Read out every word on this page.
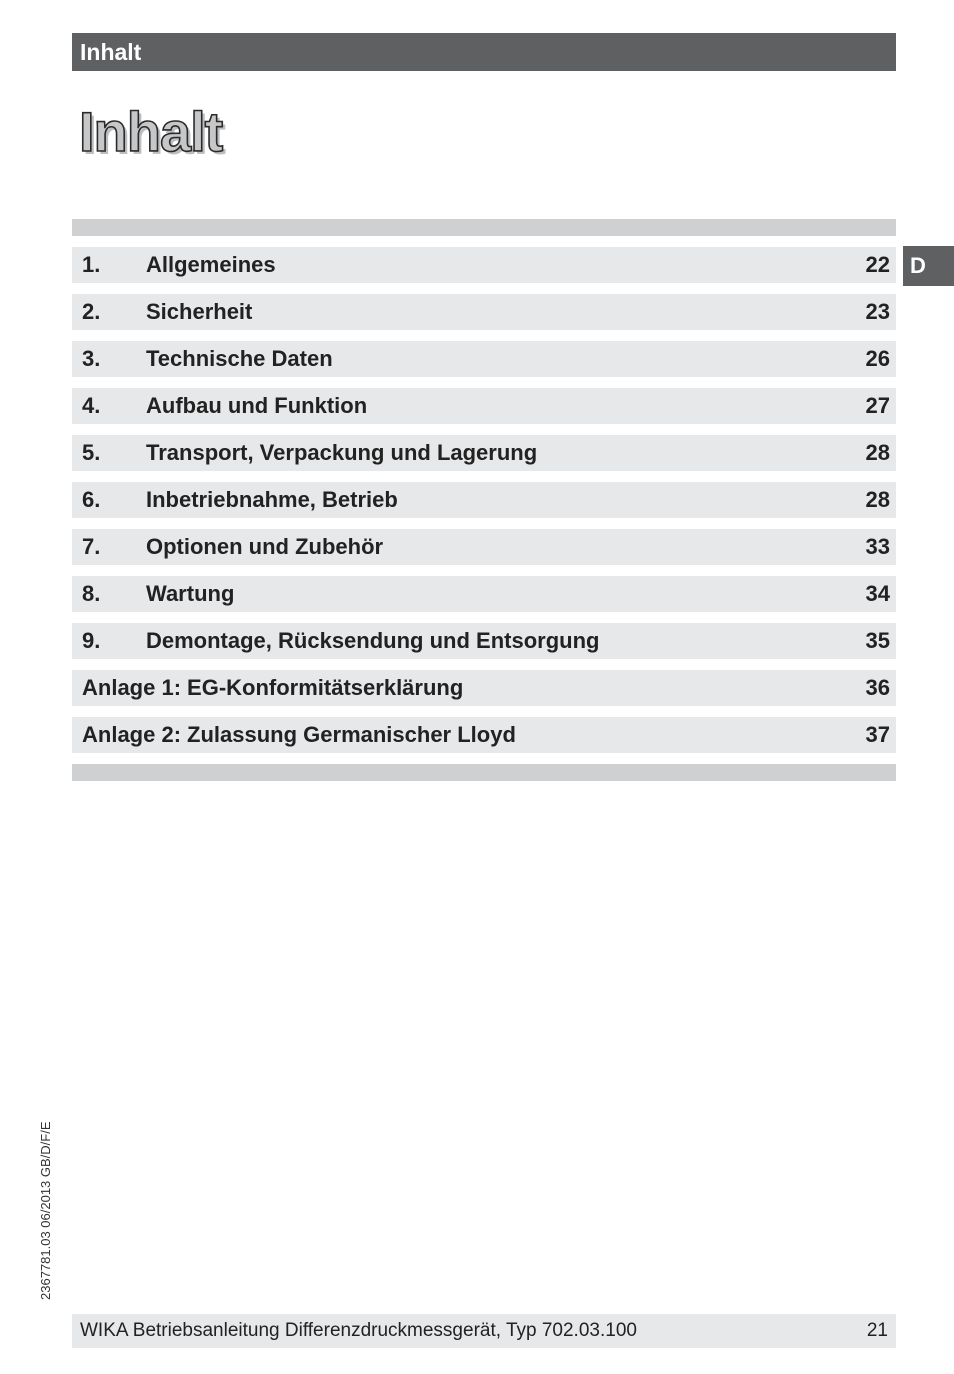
Inhalt
Inhalt
1.	Allgemeines	22
2.	Sicherheit	23
3.	Technische Daten	26
4.	Aufbau und Funktion	27
5.	Transport, Verpackung und Lagerung	28
6.	Inbetriebnahme, Betrieb	28
7.	Optionen und Zubehör	33
8.	Wartung	34
9.	Demontage, Rücksendung und Entsorgung	35
Anlage 1: EG-Konformitätserklärung	36
Anlage 2: Zulassung Germanischer Lloyd	37
D
2367781.03 06/2013 GB/D/F/E
WIKA Betriebsanleitung Differenzdruckmessgerät, Typ 702.03.100	21
